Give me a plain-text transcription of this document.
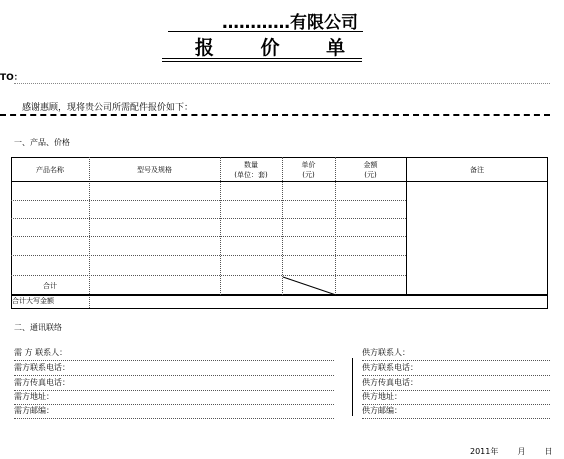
…………有限公司
报 价 单
TO：
感谢惠顾，现将贵公司所需配件报价如下：
一、产品、价格
产品名称	型号及规格
数量
(单位：套)
单价
(元)
金额
(元)
备注
合计
合计大写金额
二、通讯联络
需 方 联系人：
需方联系电话：
需方传真电话：
需方地址：
需方邮编：
供方联系人：
供方联系电话：
供方传真电话：
供方地址：
供方邮编：
2011年 月 日
